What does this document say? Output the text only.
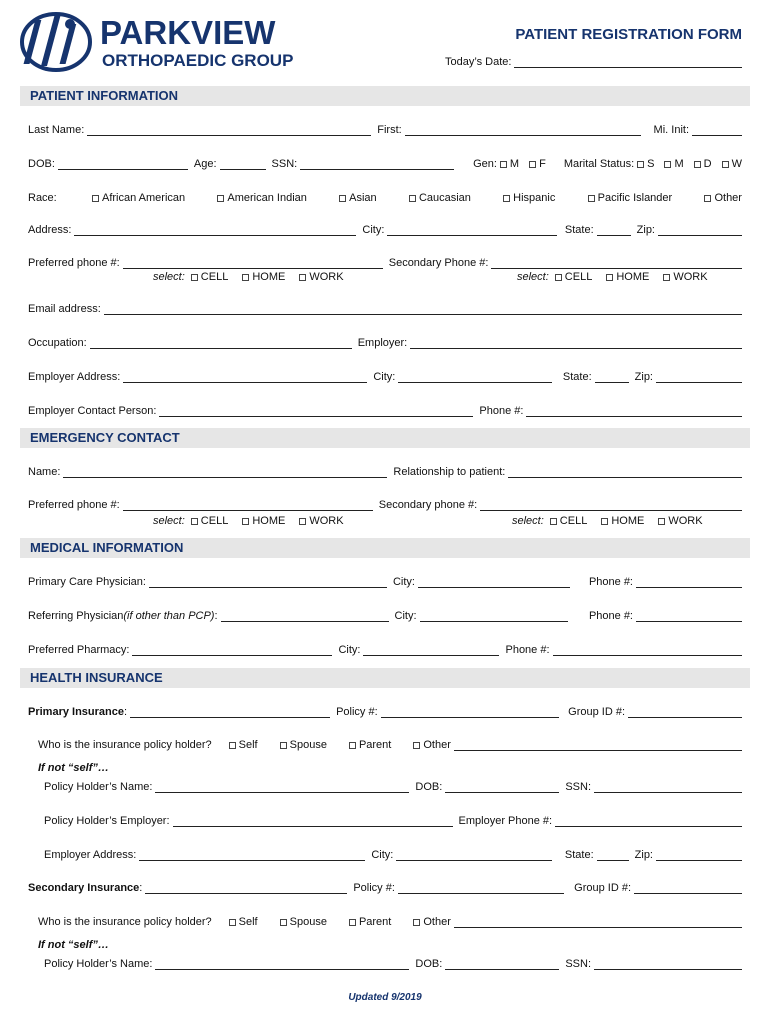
PARKVIEW
ORTHOPAEDIC GROUP
PATIENT REGISTRATION FORM
Today’s Date:
PATIENT INFORMATION
Last Name:	First:	Mi. Init:
DOB:	Age:	SSN:	Gen: M F Marital Status: S M D W
Race:	African American	American Indian	Asian	Caucasian	Hispanic	Pacific Islander	Other
Address:	City:	State:	Zip:
Preferred phone #:	Secondary Phone #:
select: CELL HOME WORK	select: CELL HOME WORK
Email address:
Occupation:	Employer:
Employer Address:	City:	State:	Zip:
Employer Contact Person:	Phone #:
EMERGENCY CONTACT
Name:	Relationship to patient:
Preferred phone #:	Secondary phone #:
select: CELL HOME WORK	select: CELL HOME WORK
MEDICAL INFORMATION
Primary Care Physician:	City:	Phone #:
Referring Physician (if other than PCP) :	City:	Phone #:
Preferred Pharmacy:	City:	Phone #:
HEALTH INSURANCE
Primary Insurance :	Policy #:	Group ID #:
Who is the insurance policy holder? Self	Spouse	Parent	Other
If not “self”…
Policy Holder’s Name:	DOB:	SSN:
Policy Holder’s Employer:	Employer Phone #:
Employer Address:	City:	State:	Zip:
Secondary Insurance :	Policy #:	Group ID #:
Who is the insurance policy holder? Self	Spouse	Parent	Other
If not “self”…
Policy Holder’s Name:	DOB:	SSN:
Updated 9/2019
